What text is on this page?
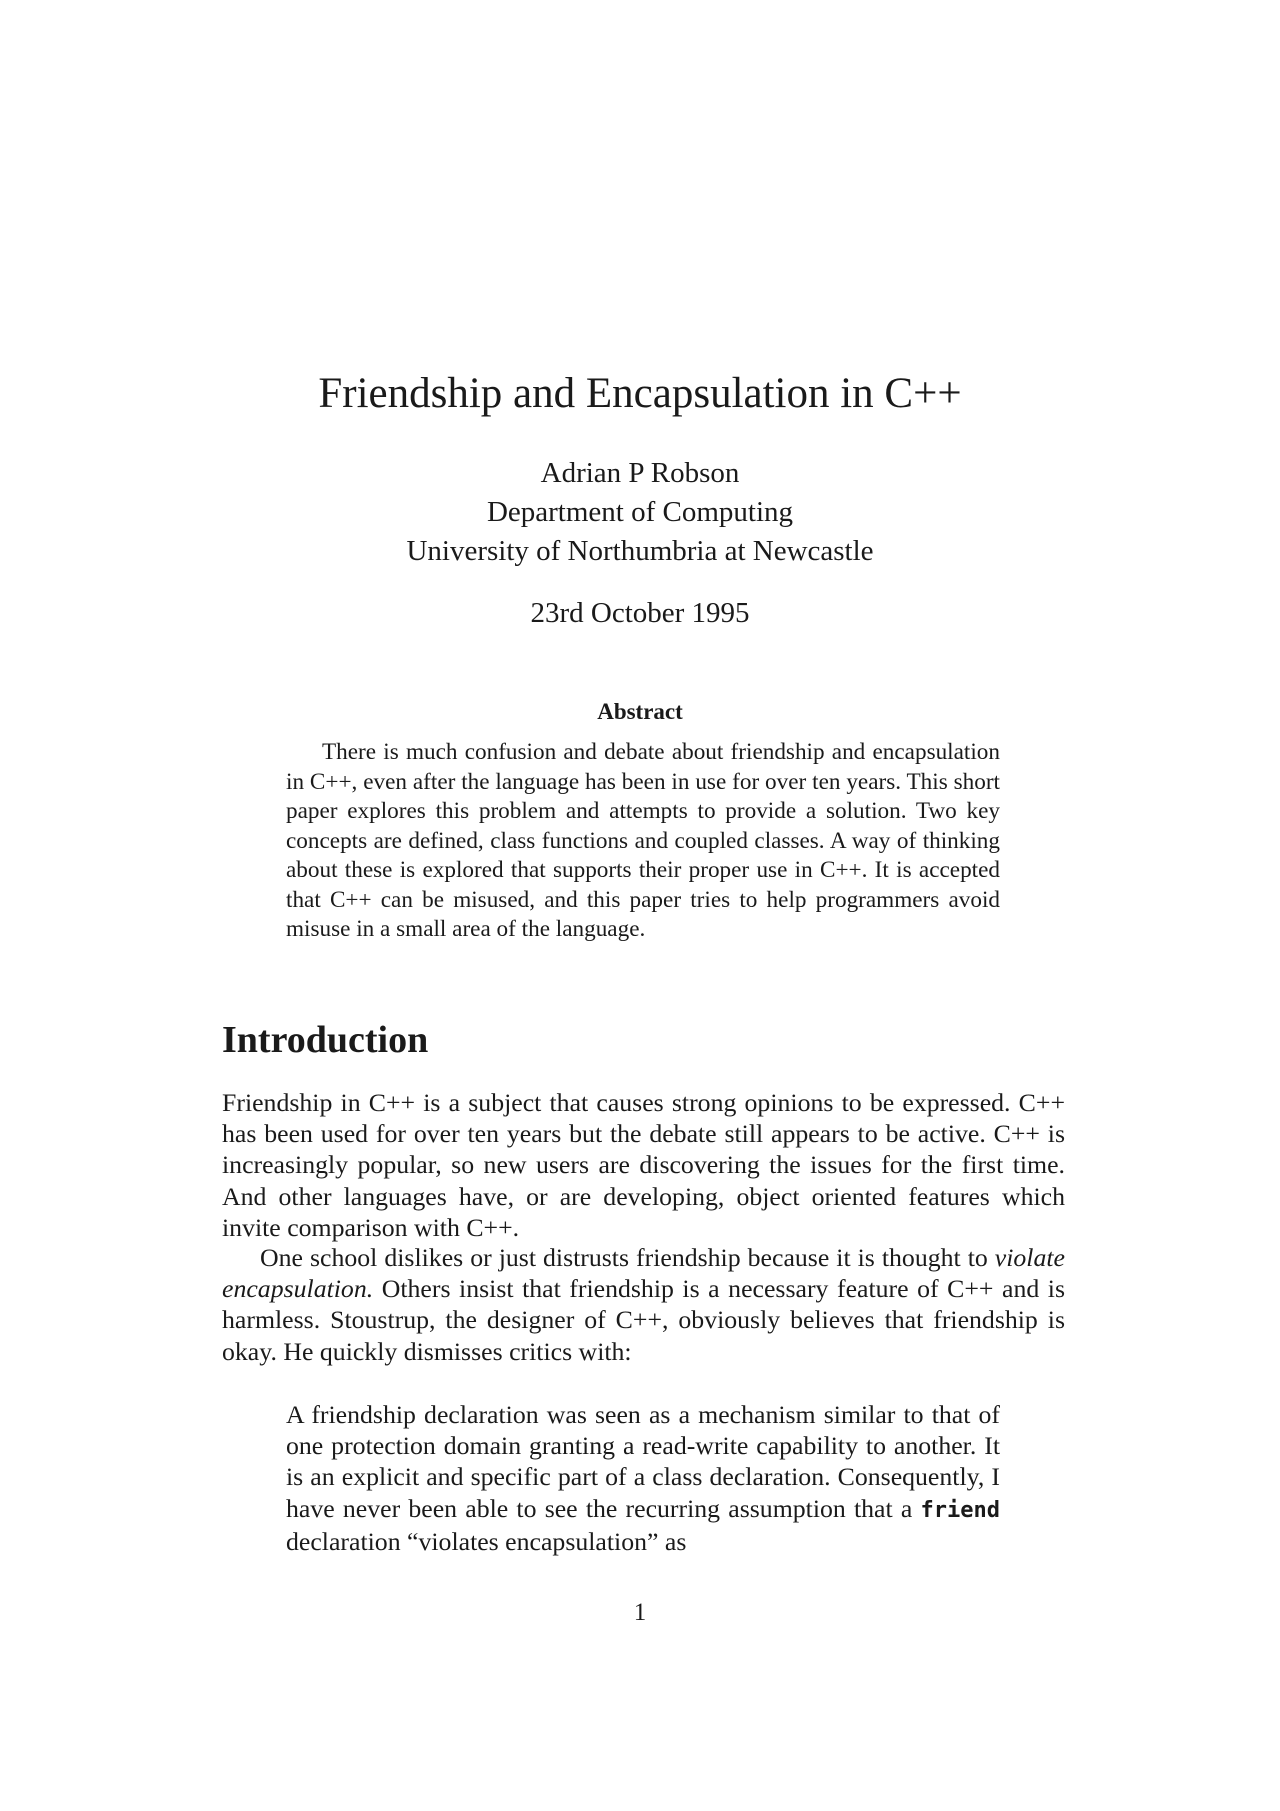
Friendship and Encapsulation in C++
Adrian P Robson
Department of Computing
University of Northumbria at Newcastle
23rd October 1995
Abstract
There is much confusion and debate about friendship and encapsulation in C++, even after the language has been in use for over ten years. This short paper explores this problem and attempts to provide a solution. Two key concepts are defined, class functions and coupled classes. A way of thinking about these is explored that supports their proper use in C++. It is accepted that C++ can be misused, and this paper tries to help programmers avoid misuse in a small area of the language.
Introduction
Friendship in C++ is a subject that causes strong opinions to be expressed. C++ has been used for over ten years but the debate still appears to be active. C++ is increasingly popular, so new users are discovering the issues for the first time. And other languages have, or are developing, object oriented features which invite comparison with C++.
One school dislikes or just distrusts friendship because it is thought to violate encapsulation. Others insist that friendship is a necessary feature of C++ and is harmless. Stoustrup, the designer of C++, obviously believes that friendship is okay. He quickly dismisses critics with:
A friendship declaration was seen as a mechanism similar to that of one protection domain granting a read-write capability to another. It is an explicit and specific part of a class declaration. Consequently, I have never been able to see the recurring assumption that a friend declaration “violates encapsulation” as
1
